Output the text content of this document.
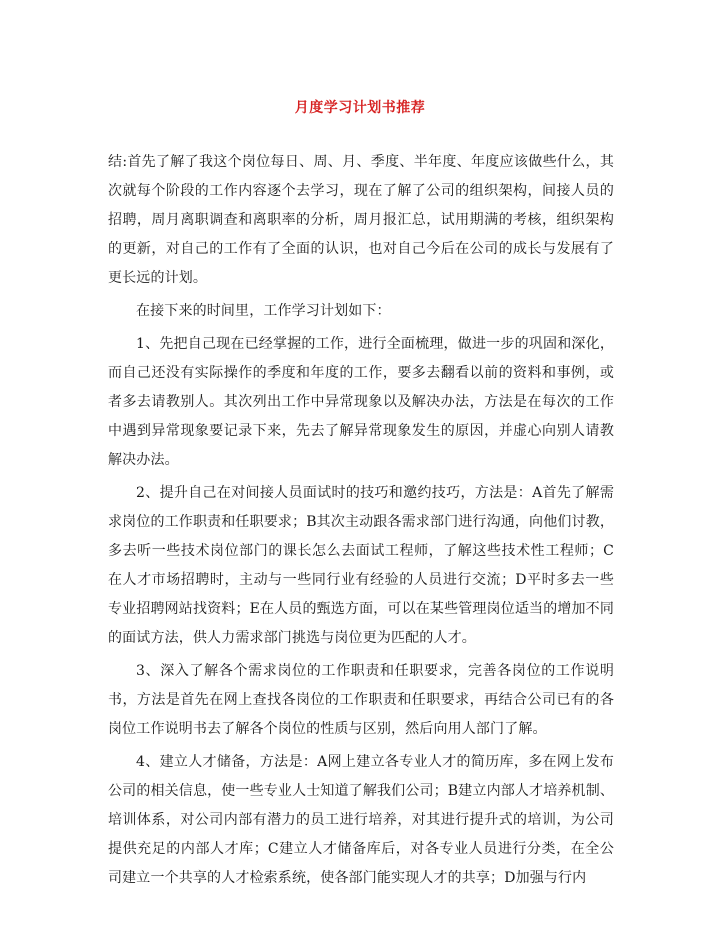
月度学习计划书推荐

结:首先了解了我这个岗位每日、周、月、季度、半年度、年度应该做些什么，其次就每个阶段的工作内容逐个去学习，现在了解了公司的组织架构，间接人员的招聘，周月离职调查和离职率的分析，周月报汇总，试用期满的考核，组织架构的更新，对自己的工作有了全面的认识，也对自己今后在公司的成长与发展有了更长远的计划。

在接下来的时间里，工作学习计划如下：

1、先把自己现在已经掌握的工作，进行全面梳理，做进一步的巩固和深化，而自己还没有实际操作的季度和年度的工作，要多去翻看以前的资料和事例，或者多去请教别人。其次列出工作中异常现象以及解决办法，方法是在每次的工作中遇到异常现象要记录下来，先去了解异常现象发生的原因，并虚心向别人请教解决办法。

2、提升自己在对间接人员面试时的技巧和邀约技巧，方法是：A首先了解需求岗位的工作职责和任职要求；B其次主动跟各需求部门进行沟通，向他们讨教，多去听一些技术岗位部门的课长怎么去面试工程师，了解这些技术性工程师；C在人才市场招聘时，主动与一些同行业有经验的人员进行交流；D平时多去一些专业招聘网站找资料；E在人员的甄选方面，可以在某些管理岗位适当的增加不同的面试方法，供人力需求部门挑选与岗位更为匹配的人才。

3、深入了解各个需求岗位的工作职责和任职要求，完善各岗位的工作说明书，方法是首先在网上查找各岗位的工作职责和任职要求，再结合公司已有的各岗位工作说明书去了解各个岗位的性质与区别，然后向用人部门了解。

4、建立人才储备，方法是：A网上建立各专业人才的简历库，多在网上发布公司的相关信息，使一些专业人士知道了解我们公司；B建立内部人才培养机制、培训体系，对公司内部有潜力的员工进行培养，对其进行提升式的培训，为公司提供充足的内部人才库；C建立人才储备库后，对各专业人员进行分类，在全公司建立一个共享的人才检索系统，使各部门能实现人才的共享；D加强与行内
